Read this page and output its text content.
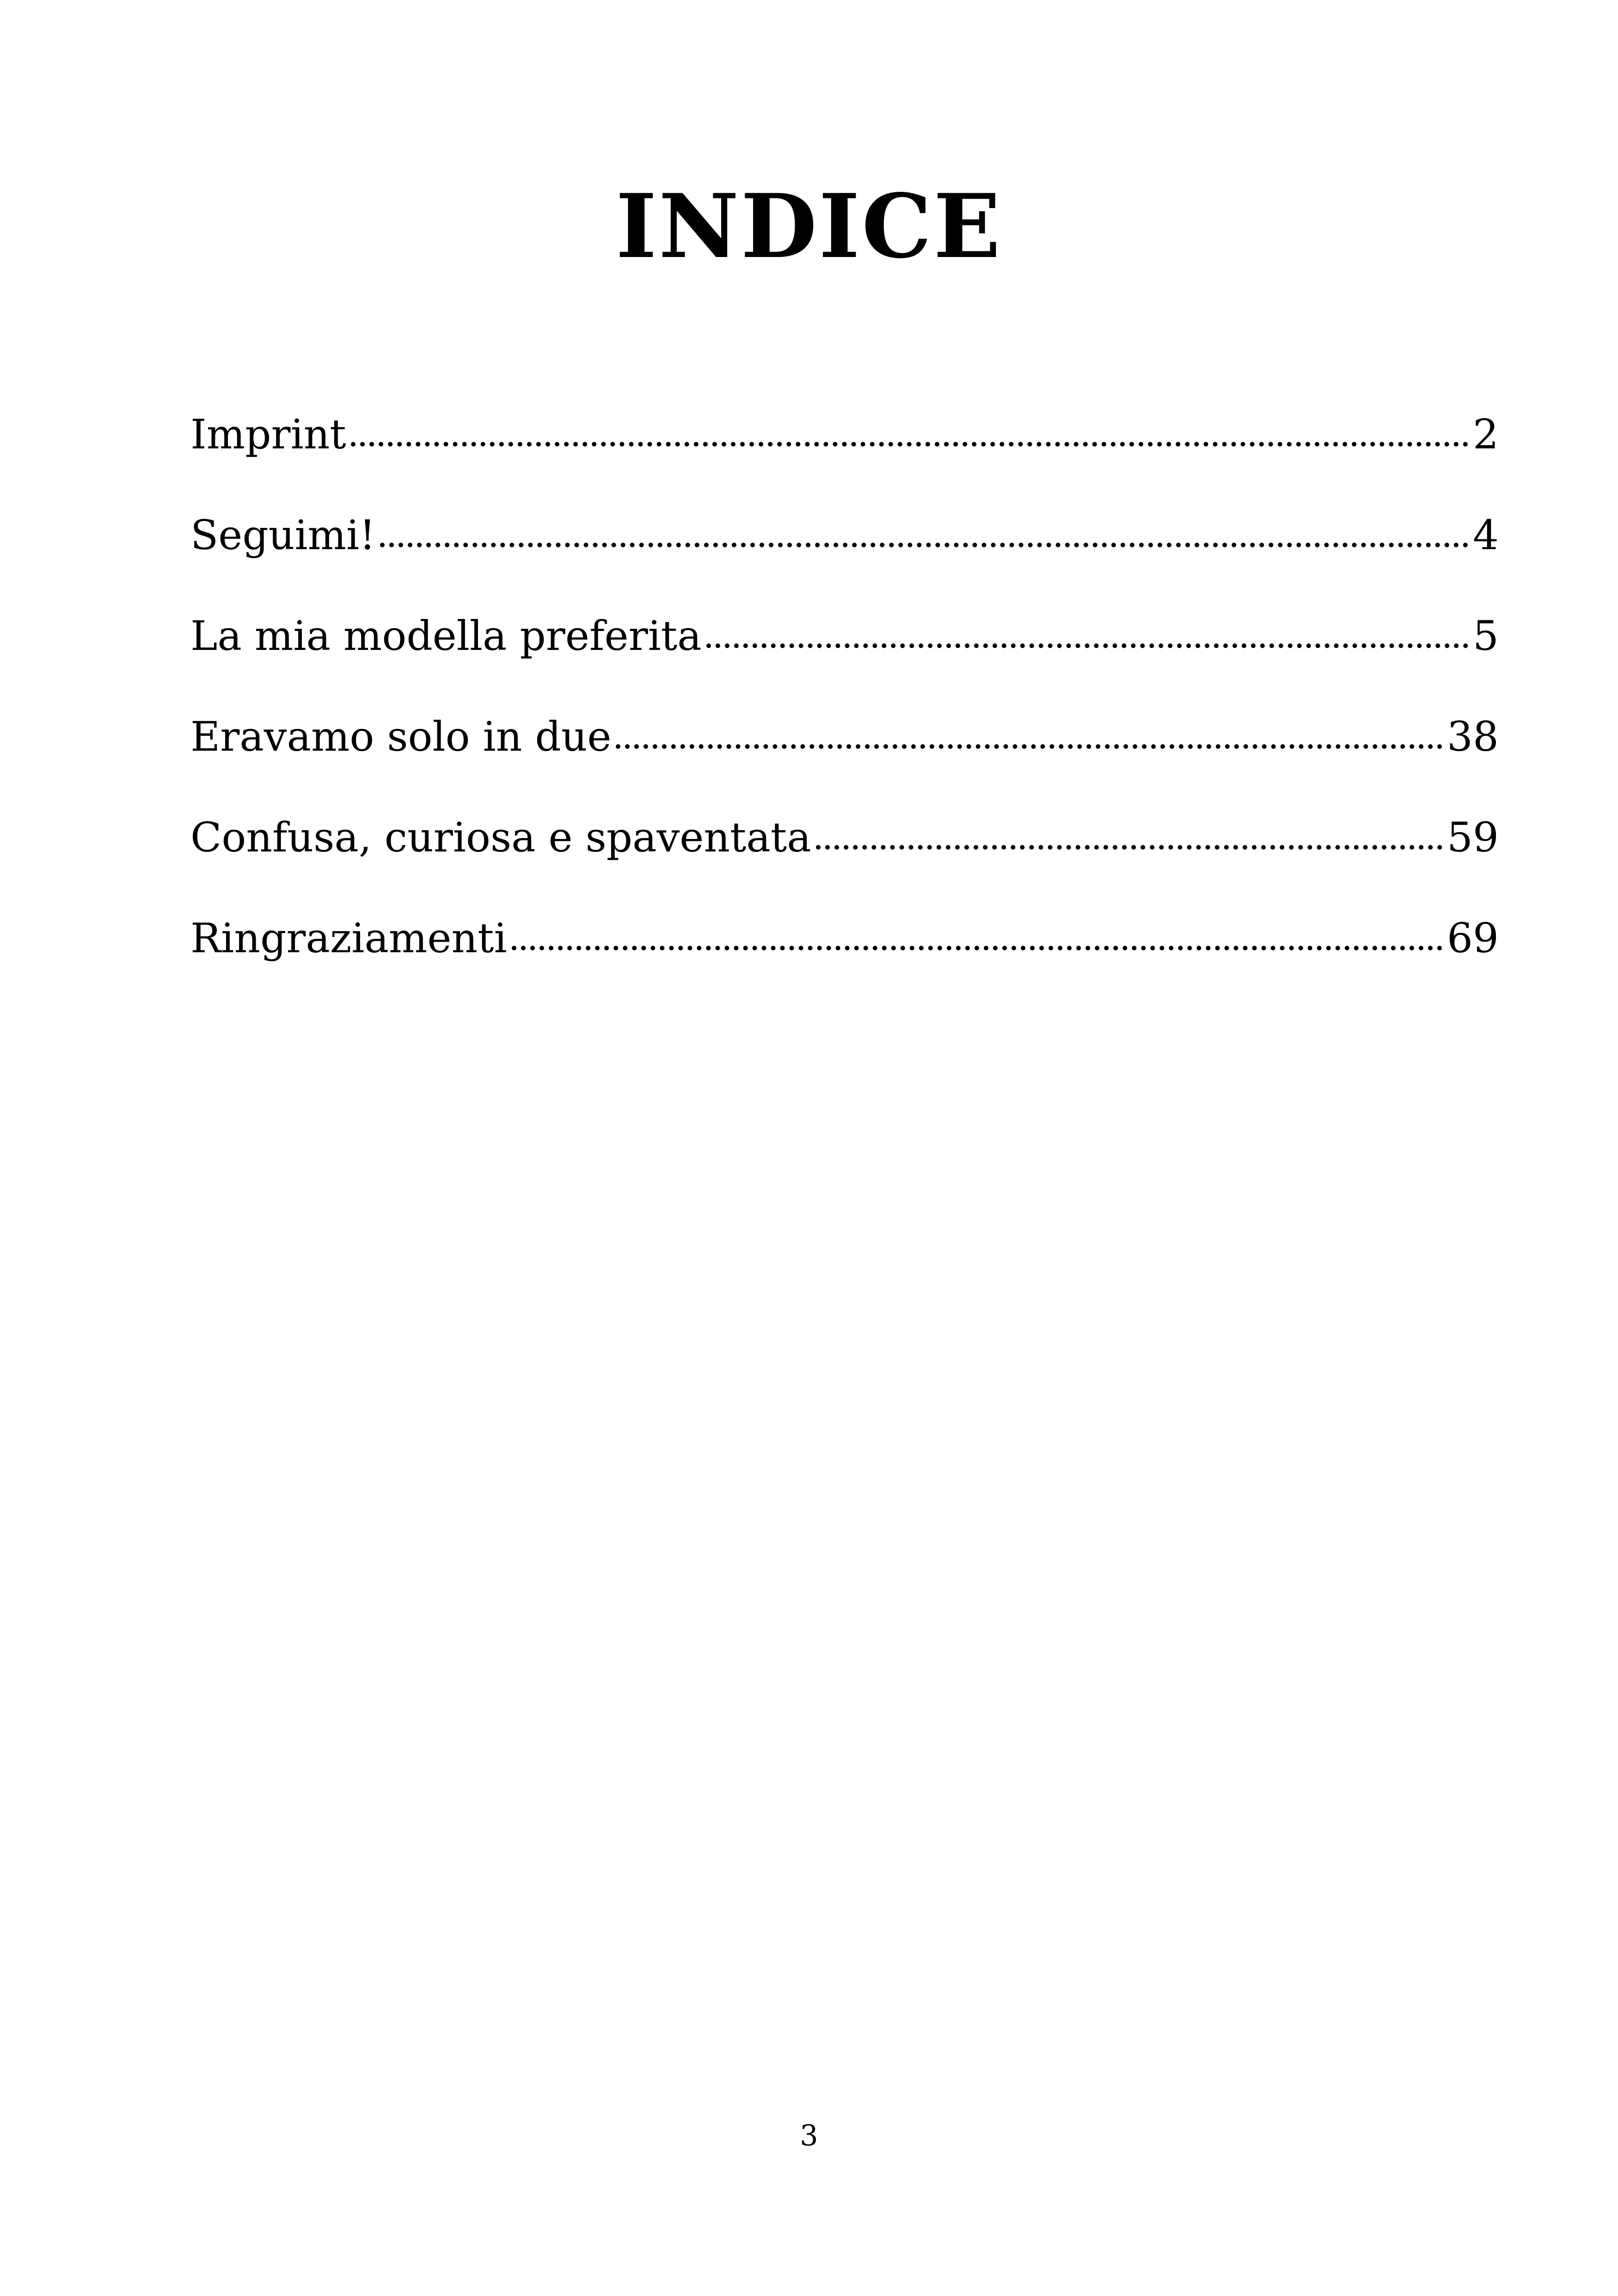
INDICE
Imprint	2
Seguimi!	4
La mia modella preferita	5
Eravamo solo in due	38
Confusa, curiosa e spaventata	59
Ringraziamenti	69
3
